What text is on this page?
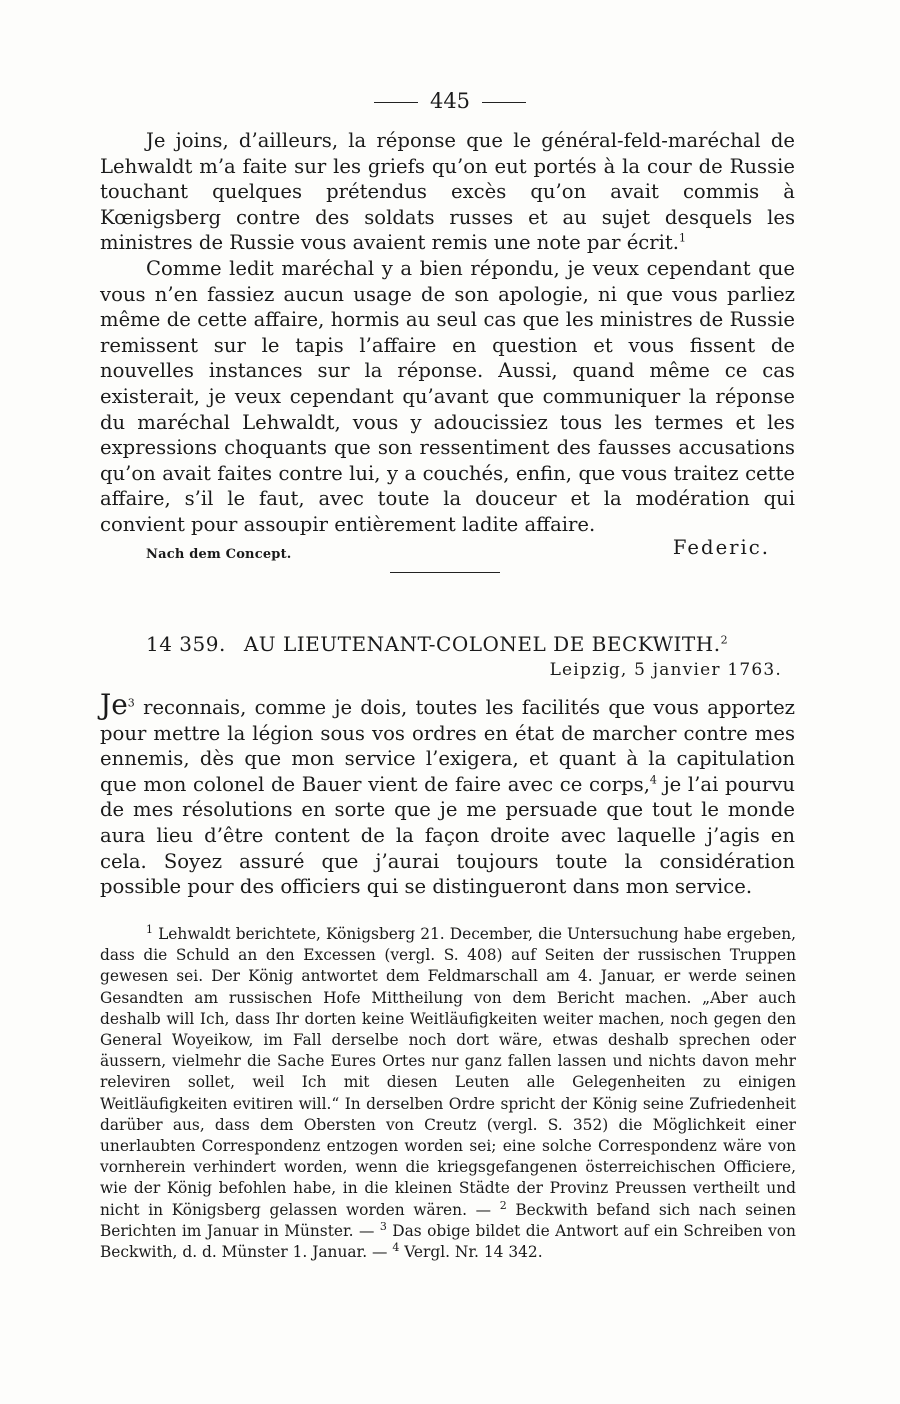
445

Je joins, d’ailleurs, la réponse que le général-feld-maréchal de Lehwaldt m’a faite sur les griefs qu’on eut portés à la cour de Russie touchant quelques prétendus excès qu’on avait commis à Kœnigsberg contre des soldats russes et au sujet desquels les ministres de Russie vous avaient remis une note par écrit.$^1$

Comme ledit maréchal y a bien répondu, je veux cependant que vous n’en fassiez aucun usage de son apologie, ni que vous parliez même de cette affaire, hormis au seul cas que les ministres de Russie remissent sur le tapis l’affaire en question et vous fissent de nouvelles instances sur la réponse. Aussi, quand même ce cas existerait, je veux cependant qu’avant que communiquer la réponse du maréchal Lehwaldt, vous y adoucissiez tous les termes et les expressions choquants que son ressentiment des fausses accusations qu’on avait faites contre lui, y a couchés, enfin, que vous traitez cette affaire, s’il le faut, avec toute la douceur et la modération qui convient pour assoupir entièrement ladite affaire.

Nach dem Concept.	Federic.
14 359. AU LIEUTENANT-COLONEL DE BECKWITH.$^2$
Leipzig, 5 janvier 1763.

Je$^3$ reconnais, comme je dois, toutes les facilités que vous apportez pour mettre la légion sous vos ordres en état de marcher contre mes ennemis, dès que mon service l’exigera, et quant à la capitulation que mon colonel de Bauer vient de faire avec ce corps,$^4$ je l’ai pourvu de mes résolutions en sorte que je me persuade que tout le monde aura lieu d’être content de la façon droite avec laquelle j’agis en cela. Soyez assuré que j’aurai toujours toute la considération possible pour des officiers qui se distingueront dans mon service.

$^1$ Lehwaldt berichtete, Königsberg 21. December, die Untersuchung habe ergeben, dass die Schuld an den Excessen (vergl. S. 408) auf Seiten der russischen Truppen gewesen sei. Der König antwortet dem Feldmarschall am 4. Januar, er werde seinen Gesandten am russischen Hofe Mittheilung von dem Bericht machen. „Aber auch deshalb will Ich, dass Ihr dorten keine Weitläufigkeiten weiter machen, noch gegen den General Woyeikow, im Fall derselbe noch dort wäre, etwas deshalb sprechen oder äussern, vielmehr die Sache Eures Ortes nur ganz fallen lassen und nichts davon mehr releviren sollet, weil Ich mit diesen Leuten alle Gelegenheiten zu einigen Weitläufigkeiten evitiren will.“ In derselben Ordre spricht der König seine Zufriedenheit darüber aus, dass dem Obersten von Creutz (vergl. S. 352) die Möglichkeit einer unerlaubten Correspondenz entzogen worden sei; eine solche Correspondenz wäre von vornherein verhindert worden, wenn die kriegsgefangenen österreichischen Officiere, wie der König befohlen habe, in die kleinen Städte der Provinz Preussen vertheilt und nicht in Königsberg gelassen worden wären. — $^2$ Beckwith befand sich nach seinen Berichten im Januar in Münster. — $^3$ Das obige bildet die Antwort auf ein Schreiben von Beckwith, d. d. Münster 1. Januar. — $^4$ Vergl. Nr. 14 342.
